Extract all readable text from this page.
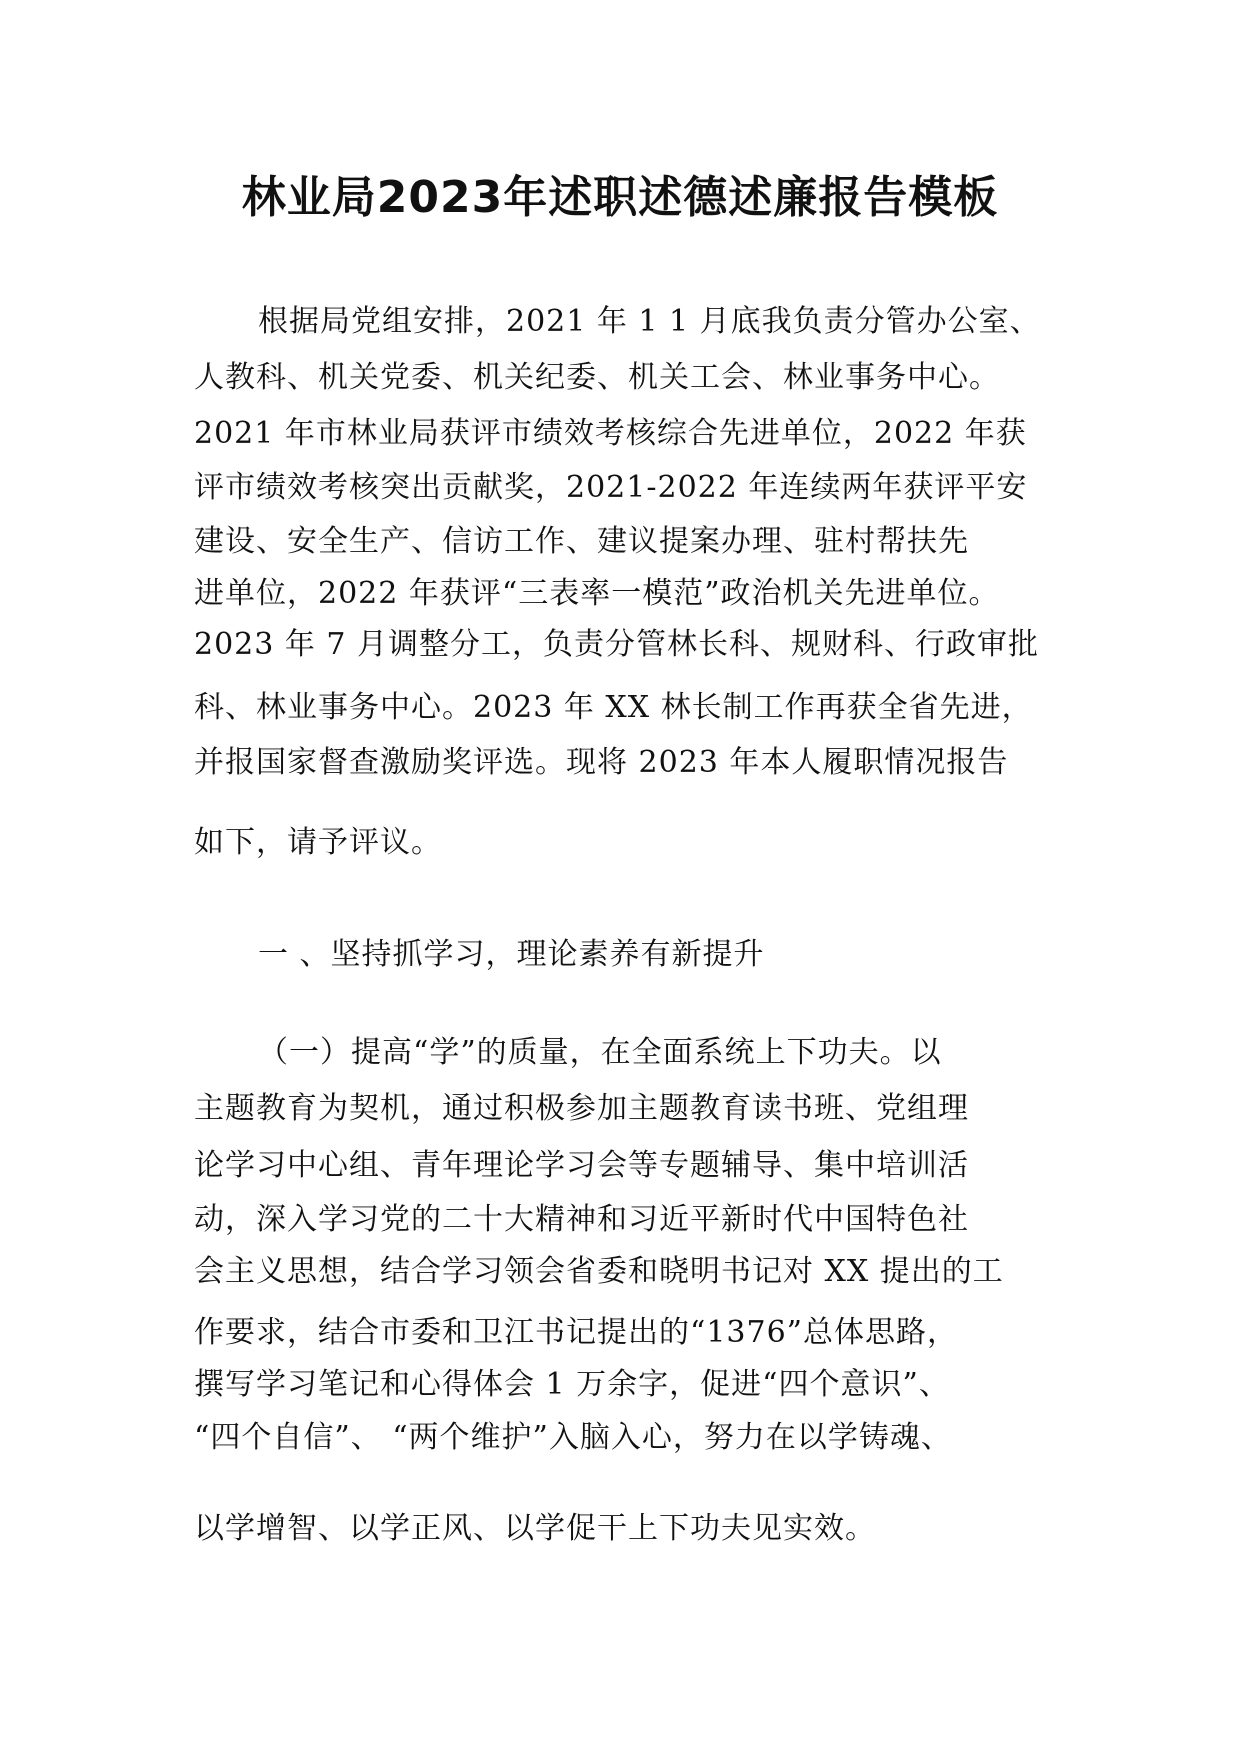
林业局2023年述职述德述廉报告模板
根据局党组安排，2021 年 1 1 月底我负责分管办公室、
人教科、机关党委、机关纪委、机关工会、林业事务中心。
2021 年市林业局获评市绩效考核综合先进单位，2022 年获
评市绩效考核突出贡献奖，2021-2022 年连续两年获评平安
建设、安全生产、信访工作、建议提案办理、驻村帮扶先
进单位，2022 年获评“三表率一模范”政治机关先进单位。
2023 年 7 月调整分工，负责分管林长科、规财科、行政审批
科、林业事务中心。2023 年 XX 林长制工作再获全省先进，
并报国家督查激励奖评选。现将 2023 年本人履职情况报告
如下，请予评议。
一 、坚持抓学习，理论素养有新提升
（一）提高“学”的质量，在全面系统上下功夫。以
主题教育为契机，通过积极参加主题教育读书班、党组理
论学习中心组、青年理论学习会等专题辅导、集中培训活
动，深入学习党的二十大精神和习近平新时代中国特色社
会主义思想，结合学习领会省委和晓明书记对 XX 提出的工
作要求，结合市委和卫江书记提出的“1376”总体思路，
撰写学习笔记和心得体会 1 万余字，促进“四个意识”、
“四个自信”、 “两个维护”入脑入心，努力在以学铸魂、
以学增智、以学正风、以学促干上下功夫见实效。
